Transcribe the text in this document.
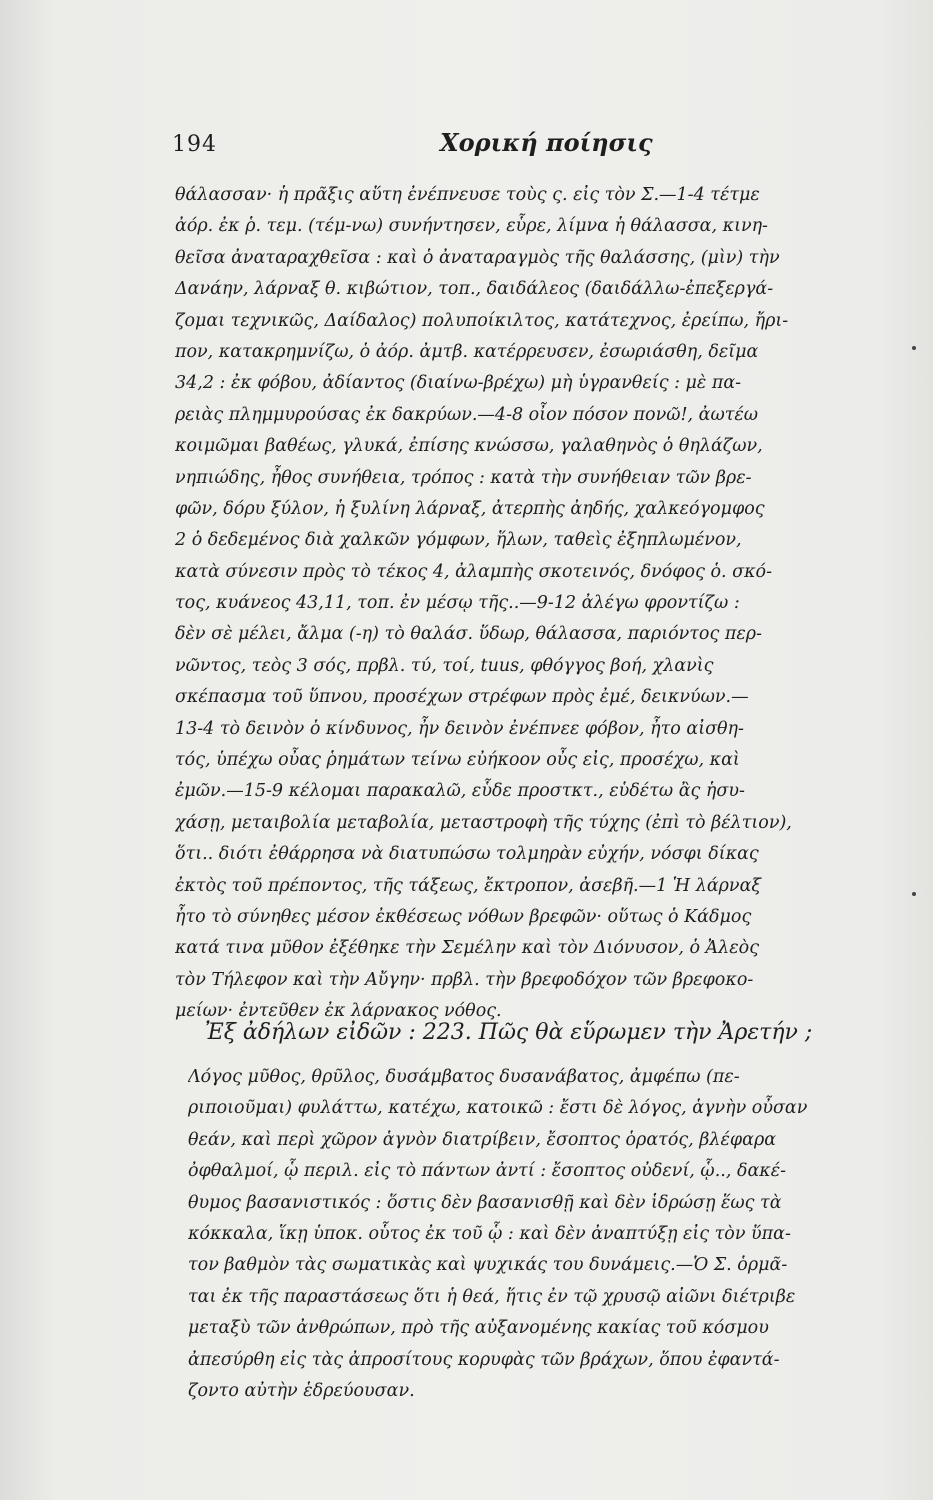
194	Χορική ποίησις
θάλασσαν· ἡ πρᾶξις αὕτη ἐνέπνευσε τοὺς ς. εἰς τὸν Σ.—1-4 τέτμε
ἀόρ. ἐκ ῥ. τεμ. (τέμ-νω) συνήντησεν, εὗρε, λίμνα ἡ θάλασσα, κινη-
θεῖσα ἀναταραχθεῖσα : καὶ ὁ ἀναταραγμὸς τῆς θαλάσσης, (μὶν) τὴν
Δανάην, λάρναξ θ. κιβώτιον, τοπ., δαιδάλεος (δαιδάλλω-ἐπεξεργά-
ζομαι τεχνικῶς, Δαίδαλος) πολυποίκιλτος, κατάτεχνος, ἐρείπω, ἤρι-
πον, κατακρημνίζω, ὁ ἀόρ. ἀμτβ. κατέρρευσεν, ἐσωριάσθη, δεῖμα
34,2 : ἐκ φόβου, ἀδίαντος (διαίνω-βρέχω) μὴ ὑγρανθείς : μὲ πα-
ρειὰς πλημμυρούσας ἐκ δακρύων.—4-8 οἶον πόσον πονῶ!, ἀωτέω
κοιμῶμαι βαθέως, γλυκά, ἐπίσης κνώσσω, γαλαθηνὸς ὁ θηλάζων,
νηπιώδης, ἦθος συνήθεια, τρόπος : κατὰ τὴν συνήθειαν τῶν βρε-
φῶν, δόρυ ξύλον, ἡ ξυλίνη λάρναξ, ἀτερπὴς ἀηδής, χαλκεόγομφος
2 ὁ δεδεμένος διὰ χαλκῶν γόμφων, ἥλων, ταθεὶς ἐξηπλωμένον,
κατὰ σύνεσιν πρὸς τὸ τέκος 4, ἀλαμπὴς σκοτεινός, δνόφος ὁ. σκό-
τος, κυάνεος 43,11, τοπ. ἐν μέσῳ τῆς..—9-12 ἀλέγω φροντίζω :
δὲν σὲ μέλει, ἄλμα (-η) τὸ θαλάσ. ὕδωρ, θάλασσα, παριόντος περ-
νῶντος, τεὸς 3 σός, πρβλ. τύ, τοί, tuus, φθόγγος βοή, χλανὶς
σκέπασμα τοῦ ὕπνου, προσέχων στρέφων πρὸς ἐμέ, δεικνύων.—
13-4 τὸ δεινὸν ὁ κίνδυνος, ἦν δεινὸν ἐνέπνεε φόβον, ἦτο αἰσθη-
τός, ὑπέχω οὖας ῥημάτων τείνω εὐήκοον οὖς εἰς, προσέχω, καὶ
ἐμῶν.—15-9 κέλομαι παρακαλῶ, εὗδε προστκτ., εὑδέτω ἂς ἡσυ-
χάσῃ, μεταιβολία μεταβολία, μεταστροφὴ τῆς τύχης (ἐπὶ τὸ βέλτιον),
ὅτι.. διότι ἐθάρρησα νὰ διατυπώσω τολμηρὰν εὐχήν, νόσφι δίκας
ἐκτὸς τοῦ πρέποντος, τῆς τάξεως, ἔκτροπον, ἀσεβῆ.—1 Ἡ λάρναξ
ἦτο τὸ σύνηθες μέσον ἐκθέσεως νόθων βρεφῶν· οὕτως ὁ Κάδμος
κατά τινα μῦθον ἐξέθηκε τὴν Σεμέλην καὶ τὸν Διόνυσον, ὁ Ἀλεὸς
τὸν Τήλεφον καὶ τὴν Αὔγην· πρβλ. τὴν βρεφοδόχον τῶν βρεφοκο-
μείων· ἐντεῦθεν ἐκ λάρνακος νόθος.
Ἐξ ἀδήλων εἰδῶν : 223. Πῶς θὰ εὕρωμεν τὴν Ἀρετήν ;
Λόγος μῦθος, θρῦλος, δυσάμβατος δυσανάβατος, ἀμφέπω (πε-
ριποιοῦμαι) φυλάττω, κατέχω, κατοικῶ : ἔστι δὲ λόγος, ἁγνὴν οὖσαν
θεάν, καὶ περὶ χῶρον ἁγνὸν διατρίβειν, ἔσοπτος ὁρατός, βλέφαρα
ὀφθαλμοί, ᾧ περιλ. εἰς τὸ πάντων ἀντί : ἔσοπτος οὐδενί, ᾧ.., δακέ-
θυμος βασανιστικός : ὅστις δὲν βασανισθῇ καὶ δὲν ἱδρώσῃ ἕως τὰ
κόκκαλα, ἵκῃ ὑποκ. οὗτος ἐκ τοῦ ᾧ : καὶ δὲν ἀναπτύξῃ εἰς τὸν ὕπα-
τον βαθμὸν τὰς σωματικὰς καὶ ψυχικάς του δυνάμεις.—Ὁ Σ. ὁρμᾶ-
ται ἐκ τῆς παραστάσεως ὅτι ἡ θεά, ἥτις ἐν τῷ χρυσῷ αἰῶνι διέτριβε
μεταξὺ τῶν ἀνθρώπων, πρὸ τῆς αὐξανομένης κακίας τοῦ κόσμου
ἀπεσύρθη εἰς τὰς ἀπροσίτους κορυφὰς τῶν βράχων, ὅπου ἐφαντά-
ζοντο αὐτὴν ἑδρεύουσαν.
